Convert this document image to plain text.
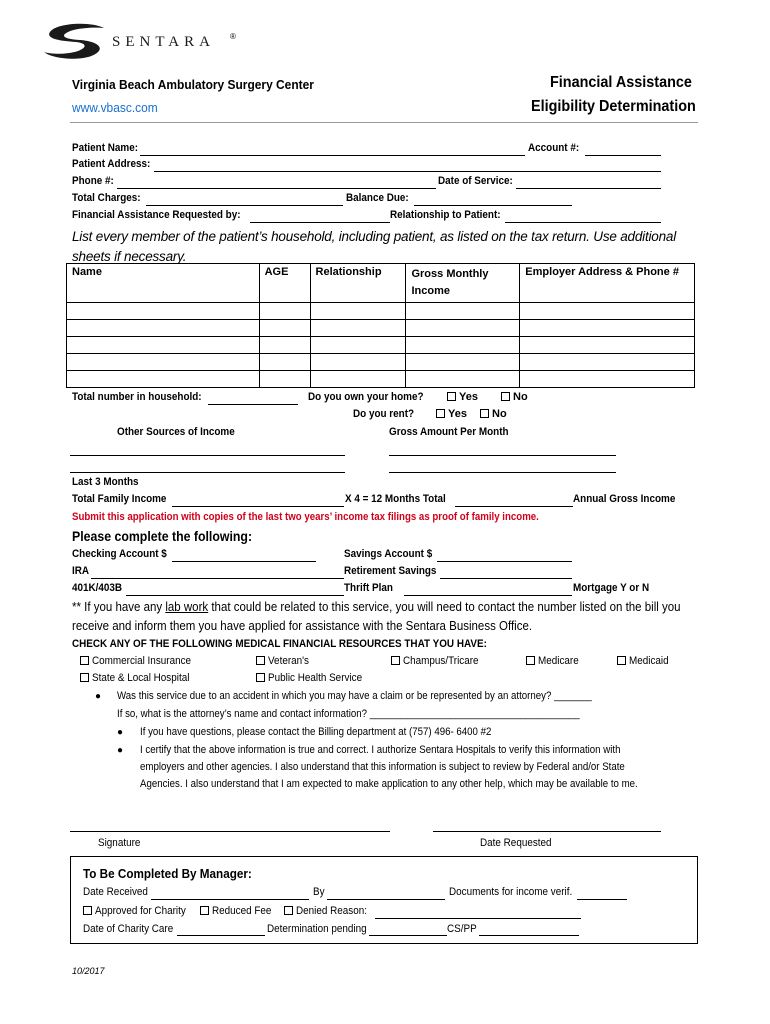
SENTARA ®
Virginia Beach Ambulatory Surgery Center
www.vbasc.com
Financial Assistance
Eligibility Determination
Patient Name:	Account #:
Patient Address:
Phone #:	Date of Service:
Total Charges:	Balance Due:
Financial Assistance Requested by:	Relationship to Patient:
List every member of the patient’s household, including patient, as listed on the tax return. Use additional sheets if necessary.
Name	AGE	Relationship	Gross Monthly Income	Employer Address & Phone #

Total number in household:	Do you own your home?	Yes	No
Do you rent?	Yes	No
Other Sources of Income	Gross Amount Per Month
Last 3 Months
Total Family Income	X 4 = 12 Months Total	Annual Gross Income
Submit this application with copies of the last two years’ income tax filings as proof of family income.
Please complete the following:
Checking Account $	Savings Account $
IRA	Retirement Savings
401K/403B	Thrift Plan	Mortgage Y or N
** If you have any lab work that could be related to this service, you will need to contact the number listed on the bill you
receive and inform them you have applied for assistance with the Sentara Business Office.
CHECK ANY OF THE FOLLOWING MEDICAL FINANCIAL RESOURCES THAT YOU HAVE:
Commercial Insurance	Veteran's	Champus/Tricare	Medicare	Medicaid
State & Local Hospital	Public Health Service
● Was this service due to an accident in which you may have a claim or be represented by an attorney? _______
If so, what is the attorney’s name and contact information? _______________________________________
● If you have questions, please contact the Billing department at (757) 496- 6400 #2
● I certify that the above information is true and correct. I authorize Sentara Hospitals to verify this information with
employers and other agencies. I also understand that this information is subject to review by Federal and/or State
Agencies. I also understand that I am expected to make application to any other help, which may be available to me.
Signature	Date Requested
To Be Completed By Manager:
Date Received	By	Documents for income verif.
Approved for Charity	Reduced Fee	Denied Reason:
Date of Charity Care	Determination pending	CS/PP
10/2017
